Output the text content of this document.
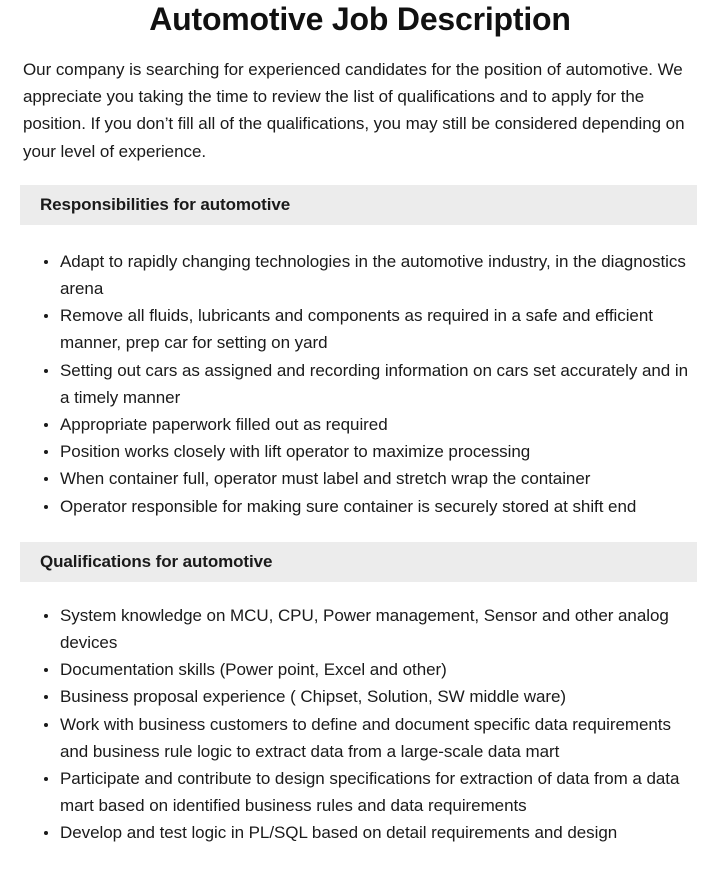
Automotive Job Description

Our company is searching for experienced candidates for the position of automotive. We appreciate you taking the time to review the list of qualifications and to apply for the position. If you don’t fill all of the qualifications, you may still be considered depending on your level of experience.

Responsibilities for automotive
Adapt to rapidly changing technologies in the automotive industry, in the diagnostics arena
Remove all fluids, lubricants and components as required in a safe and efficient manner, prep car for setting on yard
Setting out cars as assigned and recording information on cars set accurately and in a timely manner
Appropriate paperwork filled out as required
Position works closely with lift operator to maximize processing
When container full, operator must label and stretch wrap the container
Operator responsible for making sure container is securely stored at shift end
Qualifications for automotive
System knowledge on MCU, CPU, Power management, Sensor and other analog devices
Documentation skills (Power point, Excel and other)
Business proposal experience ( Chipset, Solution, SW middle ware)
Work with business customers to define and document specific data requirements and business rule logic to extract data from a large-scale data mart
Participate and contribute to design specifications for extraction of data from a data mart based on identified business rules and data requirements
Develop and test logic in PL/SQL based on detail requirements and design
